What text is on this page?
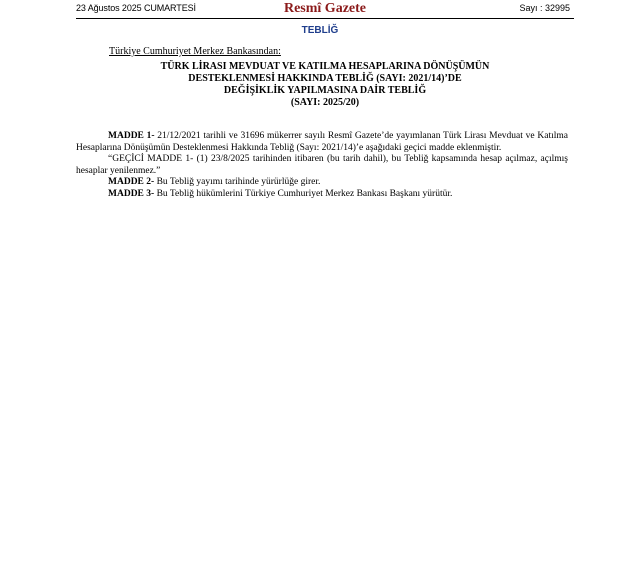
23 Ağustos 2025 CUMARTESİ	Resmî Gazete	Sayı : 32995
TEBLİĞ
Türkiye Cumhuriyet Merkez Bankasından:
TÜRK LİRASI MEVDUAT VE KATILMA HESAPLARINA DÖNÜŞÜMÜN
DESTEKLENMESİ HAKKINDA TEBLİĞ (SAYI: 2021/14)’DE
DEĞİŞİKLİK YAPILMASINA DAİR TEBLİĞ
(SAYI: 2025/20)

MADDE 1- 21/12/2021 tarihli ve 31696 mükerrer sayılı Resmî Gazete’de yayımlanan Türk Lirası Mevduat ve Katılma Hesaplarına Dönüşümün Desteklenmesi Hakkında Tebliğ (Sayı: 2021/14)’e aşağıdaki geçici madde eklenmiştir.

“GEÇİCİ MADDE 1- (1) 23/8/2025 tarihinden itibaren (bu tarih dahil), bu Tebliğ kapsamında hesap açılmaz, açılmış hesaplar yenilenmez.”

MADDE 2- Bu Tebliğ yayımı tarihinde yürürlüğe girer.

MADDE 3- Bu Tebliğ hükümlerini Türkiye Cumhuriyet Merkez Bankası Başkanı yürütür.
